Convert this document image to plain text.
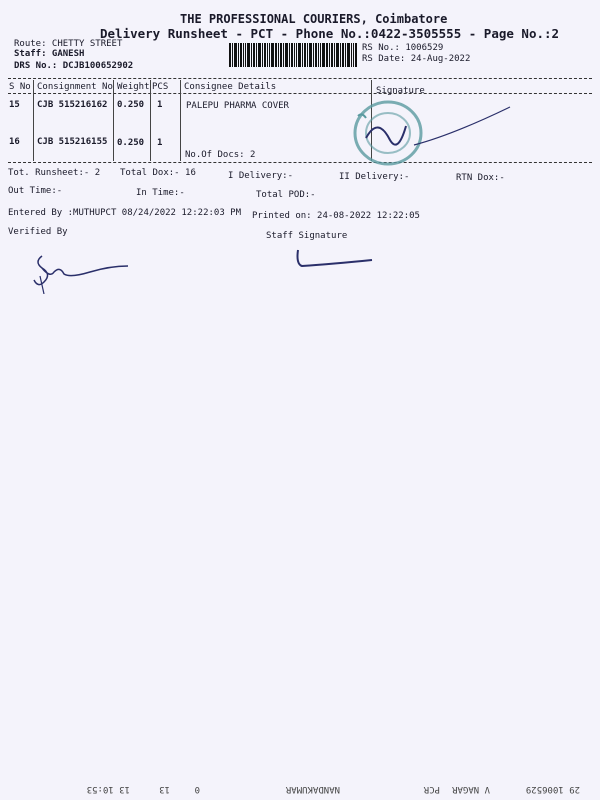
THE PROFESSIONAL COURIERS, Coimbatore
Delivery Runsheet - PCT - Phone No.:0422-3505555 - Page No.:2
Route: CHETTY STREET
Staff: GANESH
DRS No.: DCJB100652902
RS No.: 1006529
RS Date: 24-Aug-2022
S No Consignment No Weight PCS Consignee Details	Signature
15 CJB 515216162 0.250 1	PALEPU PHARMA COVER
16 CJB 515216155 0.250 1
No.Of Docs: 2
Tot. Runsheet:- 2 Total Dox:- 16	I Delivery:-	II Delivery:-	RTN Dox:-
Out Time:-	In Time:-	Total POD:-
Entered By :MUTHUPCT 08/24/2022 12:22:03 PM Printed on: 24-08-2022 12:22:05
Verified By	Staff Signature
29 1006529
V NAGAR
PCR
NANDAKUMAR
0
13
13 10:53
